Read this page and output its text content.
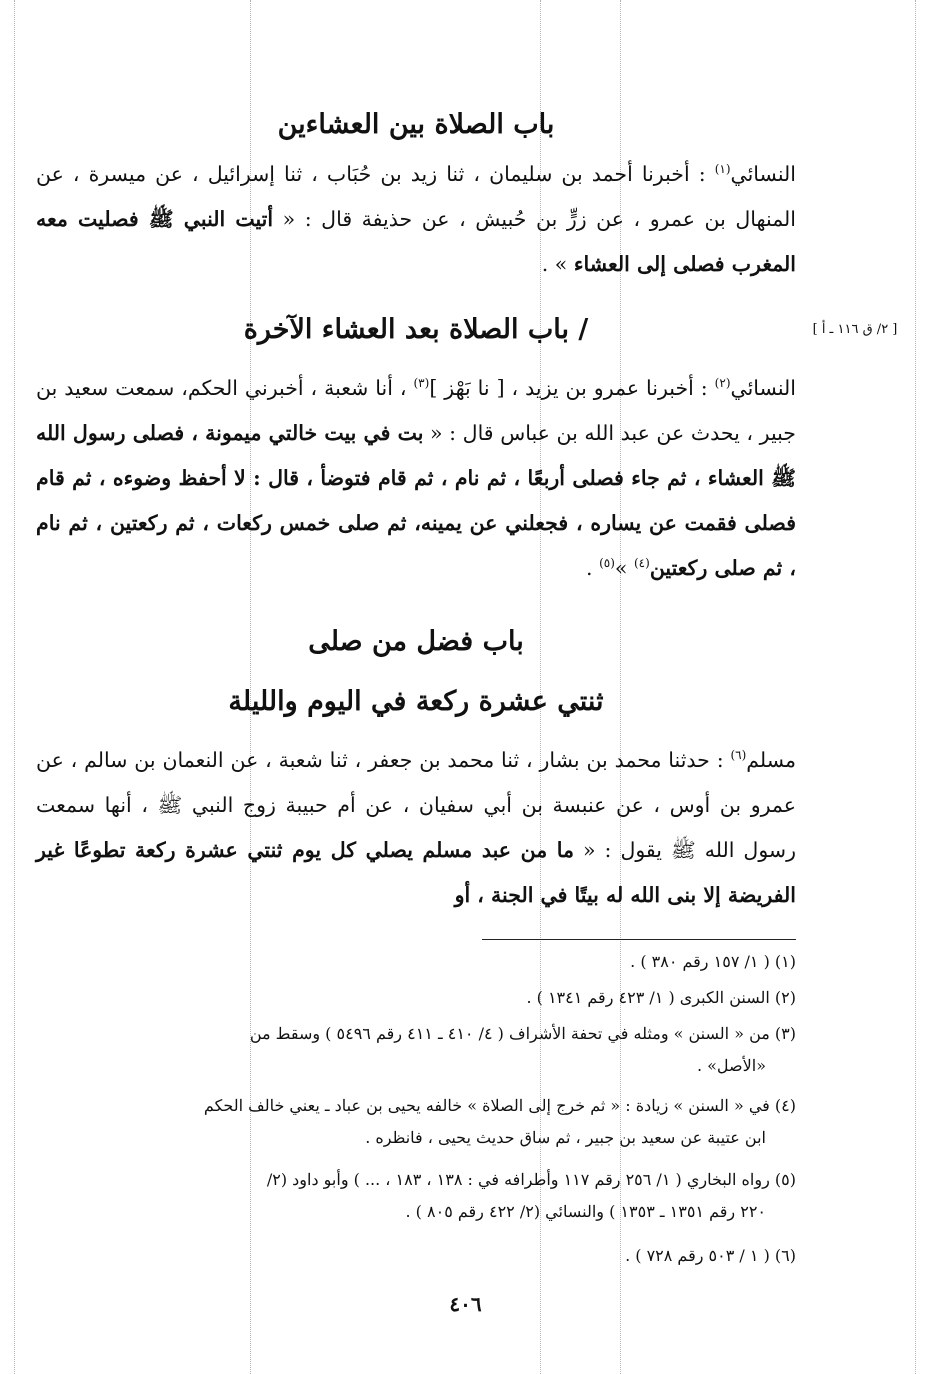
باب الصلاة بين العشاءين
النسائي$^{(١)}$ : أخبرنا أحمد بن سليمان ، ثنا زيد بن حُبَاب ، ثنا إسرائيل ، عن ميسرة ، عن المنهال بن عمرو ، عن زرٍّ بن حُبيش ، عن حذيفة قال : « أتيت النبي ﷺ فصليت معه المغرب فصلى إلى العشاء » .
[ ٢/ ق ١١٦ ـ أ ]
/ باب الصلاة بعد العشاء الآخرة
النسائي$^{(٢)}$ : أخبرنا عمرو بن يزيد ، [ نا بَهْز ]$^{(٣)}$ ، أنا شعبة ، أخبرني الحكم، سمعت سعيد بن جبير ، يحدث عن عبد الله بن عباس قال : « بت في بيت خالتي ميمونة ، فصلى رسول الله ﷺ العشاء ، ثم جاء فصلى أربعًا ، ثم نام ، ثم قام فتوضأ ، قال : لا أحفظ وضوءه ، ثم قام فصلى فقمت عن يساره ، فجعلني عن يمينه، ثم صلى خمس ركعات ، ثم ركعتين ، ثم نام ، ثم صلى ركعتين$^{(٤)}$ »$^{(٥)}$ .
باب فضل من صلى
ثنتي عشرة ركعة في اليوم والليلة
مسلم$^{(٦)}$ : حدثنا محمد بن بشار ، ثنا محمد بن جعفر ، ثنا شعبة ، عن النعمان بن سالم ، عن عمرو بن أوس ، عن عنبسة بن أبي سفيان ، عن أم حبيبة زوج النبي ﷺ ، أنها سمعت رسول الله ﷺ يقول : « ما من عبد مسلم يصلي كل يوم ثنتي عشرة ركعة تطوعًا غير الفريضة إلا بنى الله له بيتًا في الجنة ، أو
(١) ( ١/ ١٥٧ رقم ٣٨٠ ) .
(٢) السنن الكبرى ( ١/ ٤٢٣ رقم ١٣٤١ ) .
(٣) من « السنن » ومثله في تحفة الأشراف ( ٤/ ٤١٠ ـ ٤١١ رقم ٥٤٩٦ ) وسقط من
«الأصل» .
(٤) في « السنن » زيادة : « ثم خرج إلى الصلاة » خالفه يحيى بن عباد ـ يعني خالف الحكم
ابن عتيبة عن سعيد بن جبير ، ثم ساق حديث يحيى ، فانظره .
(٥) رواه البخاري ( ١/ ٢٥٦ رقم ١١٧ وأطرافه في : ١٣٨ ، ١٨٣ ، ... ) وأبو داود (٢/
٢٢٠ رقم ١٣٥١ ـ ١٣٥٣ ) والنسائي (٢/ ٤٢٢ رقم ٨٠٥ ) .
(٦) ( ١ / ٥٠٣ رقم ٧٢٨ ) .
٤٠٦
